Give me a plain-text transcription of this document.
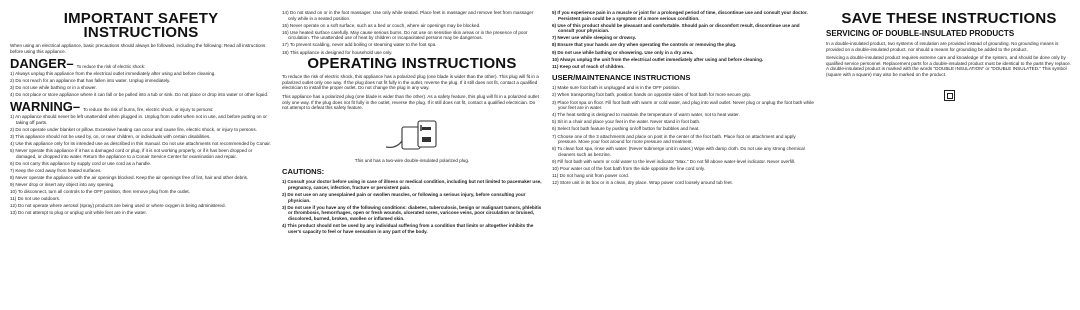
IMPORTANT SAFETY INSTRUCTIONS
When using an electrical appliance, basic precautions should always be followed, including the following: Read all instructions before using this appliance.
DANGER– To reduce the risk of electric shock:
1) Always unplug this appliance from the electrical outlet immediately after using and before cleaning.
2) Do not reach for an appliance that has fallen into water. Unplug immediately.
3) Do not use while bathing or in a shower.
4) Do not place or store appliance where it can fall or be pulled into a tub or sink. Do not place or drop into water or other liquid.
WARNING– To reduce the risk of burns, fire, electric shock, or injury to persons:
1) An appliance should never be left unattended when plugged in. Unplug from outlet when not in use, and before putting on or taking off parts.
2) Do not operate under blanket or pillow. Excessive heating can occur and cause fire, electric shock, or injury to persons.
3) This appliance should not be used by, on, or near children, or individuals with certain disabilities.
4) Use this appliance only for its intended use as described in this manual. Do not use attachments not recommended by Conair.
5) Never operate this appliance if it has a damaged cord or plug, if it is not working properly, or if it has been dropped or damaged, or dropped into water. Return the appliance to a Conair Service Center for examination and repair.
6) Do not carry this appliance by supply cord or use cord as a handle.
7) Keep the cord away from heated surfaces.
8) Never operate the appliance with the air openings blocked. Keep the air openings free of lint, hair and other debris.
9) Never drop or insert any object into any opening.
10) To disconnect, turn all controls to the OFF position, then remove plug from the outlet.
11) Do not use outdoors.
12) Do not operate where aerosol (spray) products are being used or where oxygen is being administered.
13) Do not attempt to plug or unplug unit while feet are in the water.
14) Do not stand on or in the foot massager. Use only while seated. Place feet in massager and remove feet from massager only while in a seated position.
15) Never operate on a soft surface, such as a bed or couch, where air openings may be blocked.
16) Use heated surface carefully. May cause serious burns. Do not use on sensitive skin areas or in the presence of poor circulation. The unattended use of heat by children or incapacitated persons may be dangerous.
17) To prevent scalding, never add boiling or steaming water to the foot spa.
18) This appliance is designed for household use only.
OPERATING INSTRUCTIONS
To reduce the risk of electric shock, this appliance has a polarized plug (one blade is wider than the other). This plug will fit in a polarized outlet only one way. If the plug does not fit fully in the outlet, reverse the plug. If it still does not fit, contact a qualified electrician to install the proper outlet. Do not change the plug in any way.
This appliance has a polarized plug (one blade is wider than the other). As a safety feature, this plug will fit in a polarized outlet only one way. If the plug does not fit fully in the outlet, reverse the plug. If it still does not fit, contact a qualified electrician. Do not attempt to defeat this safety feature.
This unit has a two-wire double-insulated polarized plug.
CAUTIONS:
1) Consult your doctor before using in case of illness or medical condition, including but not limited to pacemaker use, pregnancy, cancer, infection, fracture or persistent pain.
2) Do not use on any unexplained pain or swollen muscles, or following a serious injury, before consulting your physician.
3) Do not use if you have any of the following conditions: diabetes, tuberculosis, benign or malignant tumors, phlebitis or thrombosis, hemorrhages, open or fresh wounds, ulcerated sores, varicose veins, poor circulation or bruised, discolored, burned, broken, swollen or inflamed skin.
4) This product should not be used by any individual suffering from a condition that limits or altogether inhibits the user's capacity to feel or have sensation in any part of the body.
5) If you experience pain in a muscle or joint for a prolonged period of time, discontinue use and consult your doctor. Persistent pain could be a symptom of a more serious condition.
6) Use of this product should be pleasant and comfortable. Should pain or discomfort result, discontinue use and consult your physician.
7) Never use while sleeping or drowsy.
8) Ensure that your hands are dry when operating the controls or removing the plug.
9) Do not use while bathing or showering. Use only in a dry area.
10) Always unplug the unit from the electrical outlet immediately after using and before cleaning.
11) Keep out of reach of children.
USER/MAINTENANCE INSTRUCTIONS
1) Make sure foot bath is unplugged and is in the OFF position.
2) When transporting foot bath, position hands on opposite sides of foot bath for more secure grip.
3) Place foot spa on floor. Fill foot bath with warm or cold water, and plug into wall outlet. Never plug or unplug the foot bath while your feet are in water.
4) The heat setting is designed to maintain the temperature of warm water, not to heat water.
5) Sit in a chair and place your feet in the water. Never stand in foot bath.
6) Select foot bath feature by pushing on/off button for bubbles and heat.
7) Choose one of the 3 attachments and place on post in the center of the foot bath. Place foot on attachment and apply pressure. Move your foot around for more pressure and treatment.
8) To clean foot spa, rinse with water. (Never submerge unit in water.) Wipe with damp cloth. Do not use any strong chemical cleaners such as benzine.
9) Fill foot bath with warm or cold water to the level indicator "Max." Do not fill above water-level indicator. Never overfill.
10) Pour water out of the foot bath from the side opposite the line cord only.
11) Do not hang unit from power cord.
12) Store unit in its box or in a clean, dry place. Wrap power cord loosely around tub feet.
SAVE THESE INSTRUCTIONS
SERVICING OF DOUBLE-INSULATED PRODUCTS
In a double-insulated product, two systems of insulation are provided instead of grounding. No grounding means is provided on a double-insulated product, nor should a means for grounding be added to the product.
Servicing a double-insulated product requires extreme care and knowledge of the system, and should be done only by qualified service personnel. Replacement parts for a double-insulated product must be identical to the parts they replace. A double-insulated product is marked with the words "DOUBLE INSULATION" or "DOUBLE INSULATED." This symbol (square with a square) may also be marked on the product.
